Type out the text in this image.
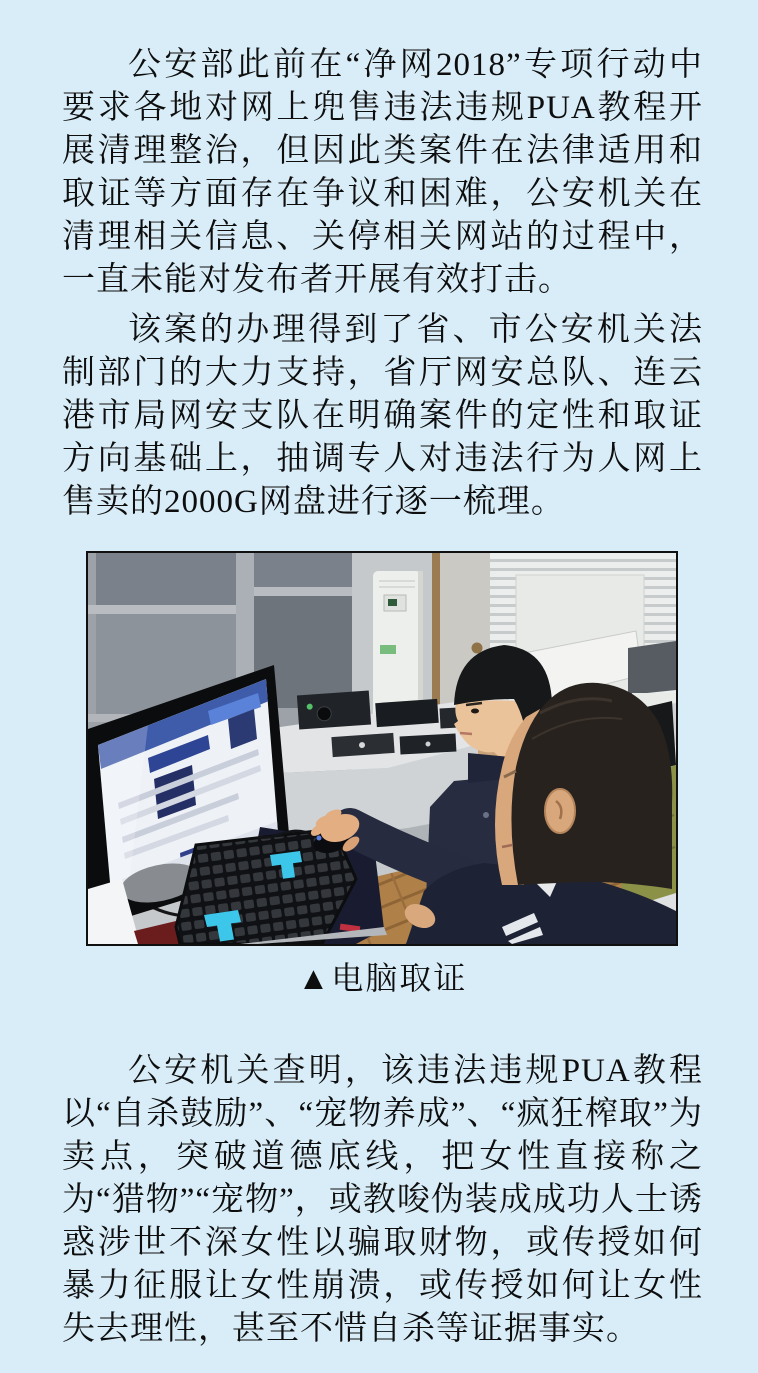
公安部此前在“净网2018”专项行动中要求各地对网上兜售违法违规PUA教程开展清理整治，但因此类案件在法律适用和取证等方面存在争议和困难，公安机关在清理相关信息、关停相关网站的过程中，一直未能对发布者开展有效打击。

该案的办理得到了省、市公安机关法制部门的大力支持，省厅网安总队、连云港市局网安支队在明确案件的定性和取证方向基础上，抽调专人对违法行为人网上售卖的2000G网盘进行逐一梳理。

▲电脑取证

公安机关查明，该违法违规PUA教程以“自杀鼓励”、“宠物养成”、“疯狂榨取”为卖点，突破道德底线，把女性直接称之为“猎物”“宠物”，或教唆伪装成成功人士诱惑涉世不深女性以骗取财物，或传授如何暴力征服让女性崩溃，或传授如何让女性失去理性，甚至不惜自杀等证据事实。
